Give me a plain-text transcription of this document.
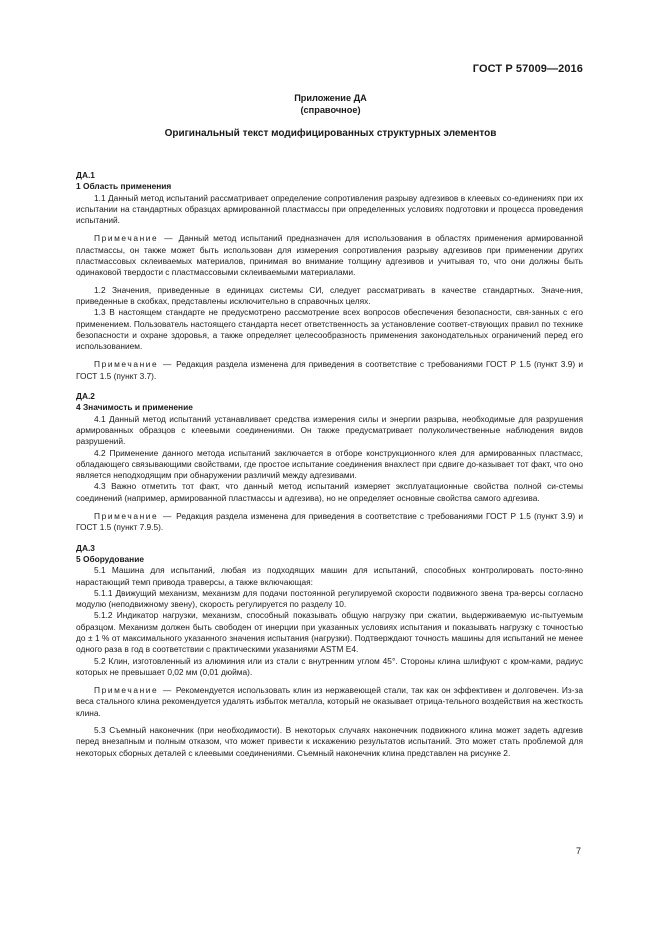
ГОСТ Р 57009—2016
Приложение ДА
(справочное)
Оригинальный текст модифицированных структурных элементов

ДА.1

1 Область применения

1.1 Данный метод испытаний рассматривает определение сопротивления разрыву адгезивов в клеевых со-единениях при их испытании на стандартных образцах армированной пластмассы при определенных условиях подготовки и процесса проведения испытаний.

Примечание — Данный метод испытаний предназначен для использования в областях применения армированной пластмассы, он также может быть использован для измерения сопротивления разрыву адгезивов при применении других пластмассовых склеиваемых материалов, принимая во внимание толщину адгезивов и учитывая то, что они должны быть одинаковой твердости с пластмассовыми склеиваемыми материалами.

1.2 Значения, приведенные в единицах системы СИ, следует рассматривать в качестве стандартных. Значе-ния, приведенные в скобках, представлены исключительно в справочных целях.

1.3 В настоящем стандарте не предусмотрено рассмотрение всех вопросов обеспечения безопасности, свя-занных с его применением. Пользователь настоящего стандарта несет ответственность за установление соответ-ствующих правил по технике безопасности и охране здоровья, а также определяет целесообразность применения законодательных ограничений перед его использованием.

Примечание — Редакция раздела изменена для приведения в соответствие с требованиями ГОСТ Р 1.5 (пункт 3.9) и ГОСТ 1.5 (пункт 3.7).

ДА.2

4 Значимость и применение

4.1 Данный метод испытаний устанавливает средства измерения силы и энергии разрыва, необходимые для разрушения армированных образцов с клеевыми соединениями. Он также предусматривает полуколичественные наблюдения видов разрушений.

4.2 Применение данного метода испытаний заключается в отборе конструкционного клея для армированных пластмасс, обладающего связывающими свойствами, где простое испытание соединения внахлест при сдвиге до-казывает тот факт, что оно является неподходящим при обнаружении различий между адгезивами.

4.3 Важно отметить тот факт, что данный метод испытаний измеряет эксплуатационные свойства полной си-стемы соединений (например, армированной пластмассы и адгезива), но не определяет основные свойства самого адгезива.

Примечание — Редакция раздела изменена для приведения в соответствие с требованиями ГОСТ Р 1.5 (пункт 3.9) и ГОСТ 1.5 (пункт 7.9.5).

ДА.3

5 Оборудование

5.1 Машина для испытаний, любая из подходящих машин для испытаний, способных контролировать посто-янно нарастающий темп привода траверсы, а также включающая:

5.1.1 Движущий механизм, механизм для подачи постоянной регулируемой скорости подвижного звена тра-версы согласно модулю (неподвижному звену), скорость регулируется по разделу 10.

5.1.2 Индикатор нагрузки, механизм, способный показывать общую нагрузку при сжатии, выдерживаемую ис-пытуемым образцом. Механизм должен быть свободен от инерции при указанных условиях испытания и показывать нагрузку с точностью до ± 1 % от максимального указанного значения испытания (нагрузки). Подтверждают точность машины для испытаний не менее одного раза в год в соответствии с практическими указаниями ASTM E4.

5.2 Клин, изготовленный из алюминия или из стали с внутренним углом 45°. Стороны клина шлифуют с кром-ками, радиус которых не превышает 0,02 мм (0,01 дюйма).

Примечание — Рекомендуется использовать клин из нержавеющей стали, так как он эффективен и долговечен. Из-за веса стального клина рекомендуется удалять избыток металла, который не оказывает отрица-тельного воздействия на жесткость клина.

5.3 Съемный наконечник (при необходимости). В некоторых случаях наконечник подвижного клина может задеть адгезив перед внезапным и полным отказом, что может привести к искажению результатов испытаний. Это может стать проблемой для некоторых сборных деталей с клеевыми соединениями. Съемный наконечник клина представлен на рисунке 2.

7
